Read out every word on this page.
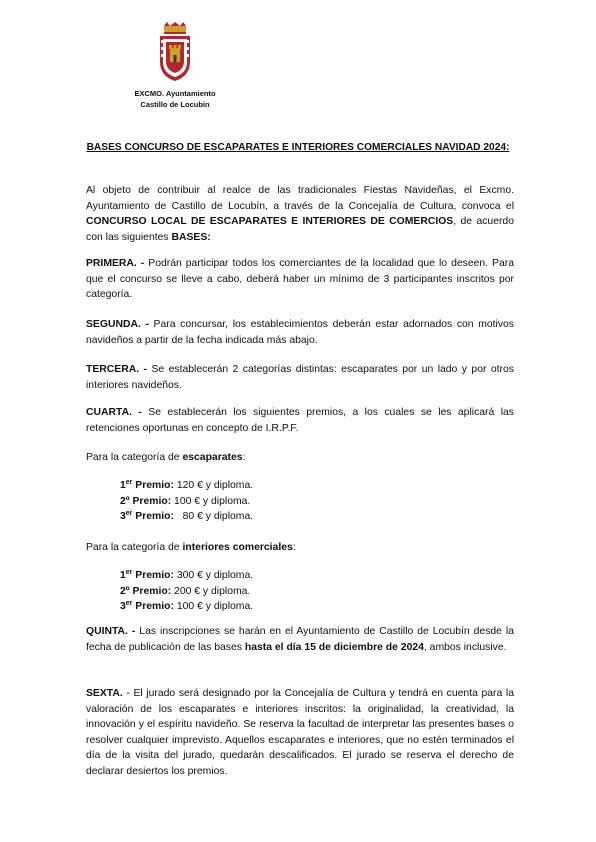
EXCMO. Ayuntamiento
Castillo de Locubín
BASES CONCURSO DE ESCAPARATES E INTERIORES COMERCIALES NAVIDAD 2024:

Al objeto de contribuir al realce de las tradicionales Fiestas Navideñas, el Excmo. Ayuntamiento de Castillo de Locubín, a través de la Concejalía de Cultura, convoca el CONCURSO LOCAL DE ESCAPARATES E INTERIORES DE COMERCIOS, de acuerdo con las siguientes BASES:

PRIMERA. - Podrán participar todos los comerciantes de la localidad que lo deseen. Para que el concurso se lleve a cabo, deberá haber un mínimo de 3 participantes inscritos por categoría.

SEGUNDA. - Para concursar, los establecimientos deberán estar adornados con motivos navideños a partir de la fecha indicada más abajo.

TERCERA. - Se establecerán 2 categorías distintas: escaparates por un lado y por otros interiores navideños.

CUARTA. - Se establecerán los siguientes premios, a los cuales se les aplicará las retenciones oportunas en concepto de I.R.P.F.

Para la categoría de escaparates:

1er Premio: 120 € y diploma.
2º Premio: 100 € y diploma.
3er Premio:   80 € y diploma.

Para la categoría de interiores comerciales:

1er Premio: 300 € y diploma.
2º Premio: 200 € y diploma.
3er Premio: 100 € y diploma.

QUINTA. - Las inscripciones se harán en el Ayuntamiento de Castillo de Locubín desde la fecha de publicación de las bases hasta el día 15 de diciembre de 2024, ambos inclusive.

SEXTA. - El jurado será designado por la Concejalía de Cultura y tendrá en cuenta para la valoración de los escaparates e interiores inscritos: la originalidad, la creatividad, la innovación y el espíritu navideño. Se reserva la facultad de interpretar las presentes bases o resolver cualquier imprevisto. Aquellos escaparates e interiores, que no estén terminados el día de la visita del jurado, quedarán descalificados. El jurado se reserva el derecho de declarar desiertos los premios.
